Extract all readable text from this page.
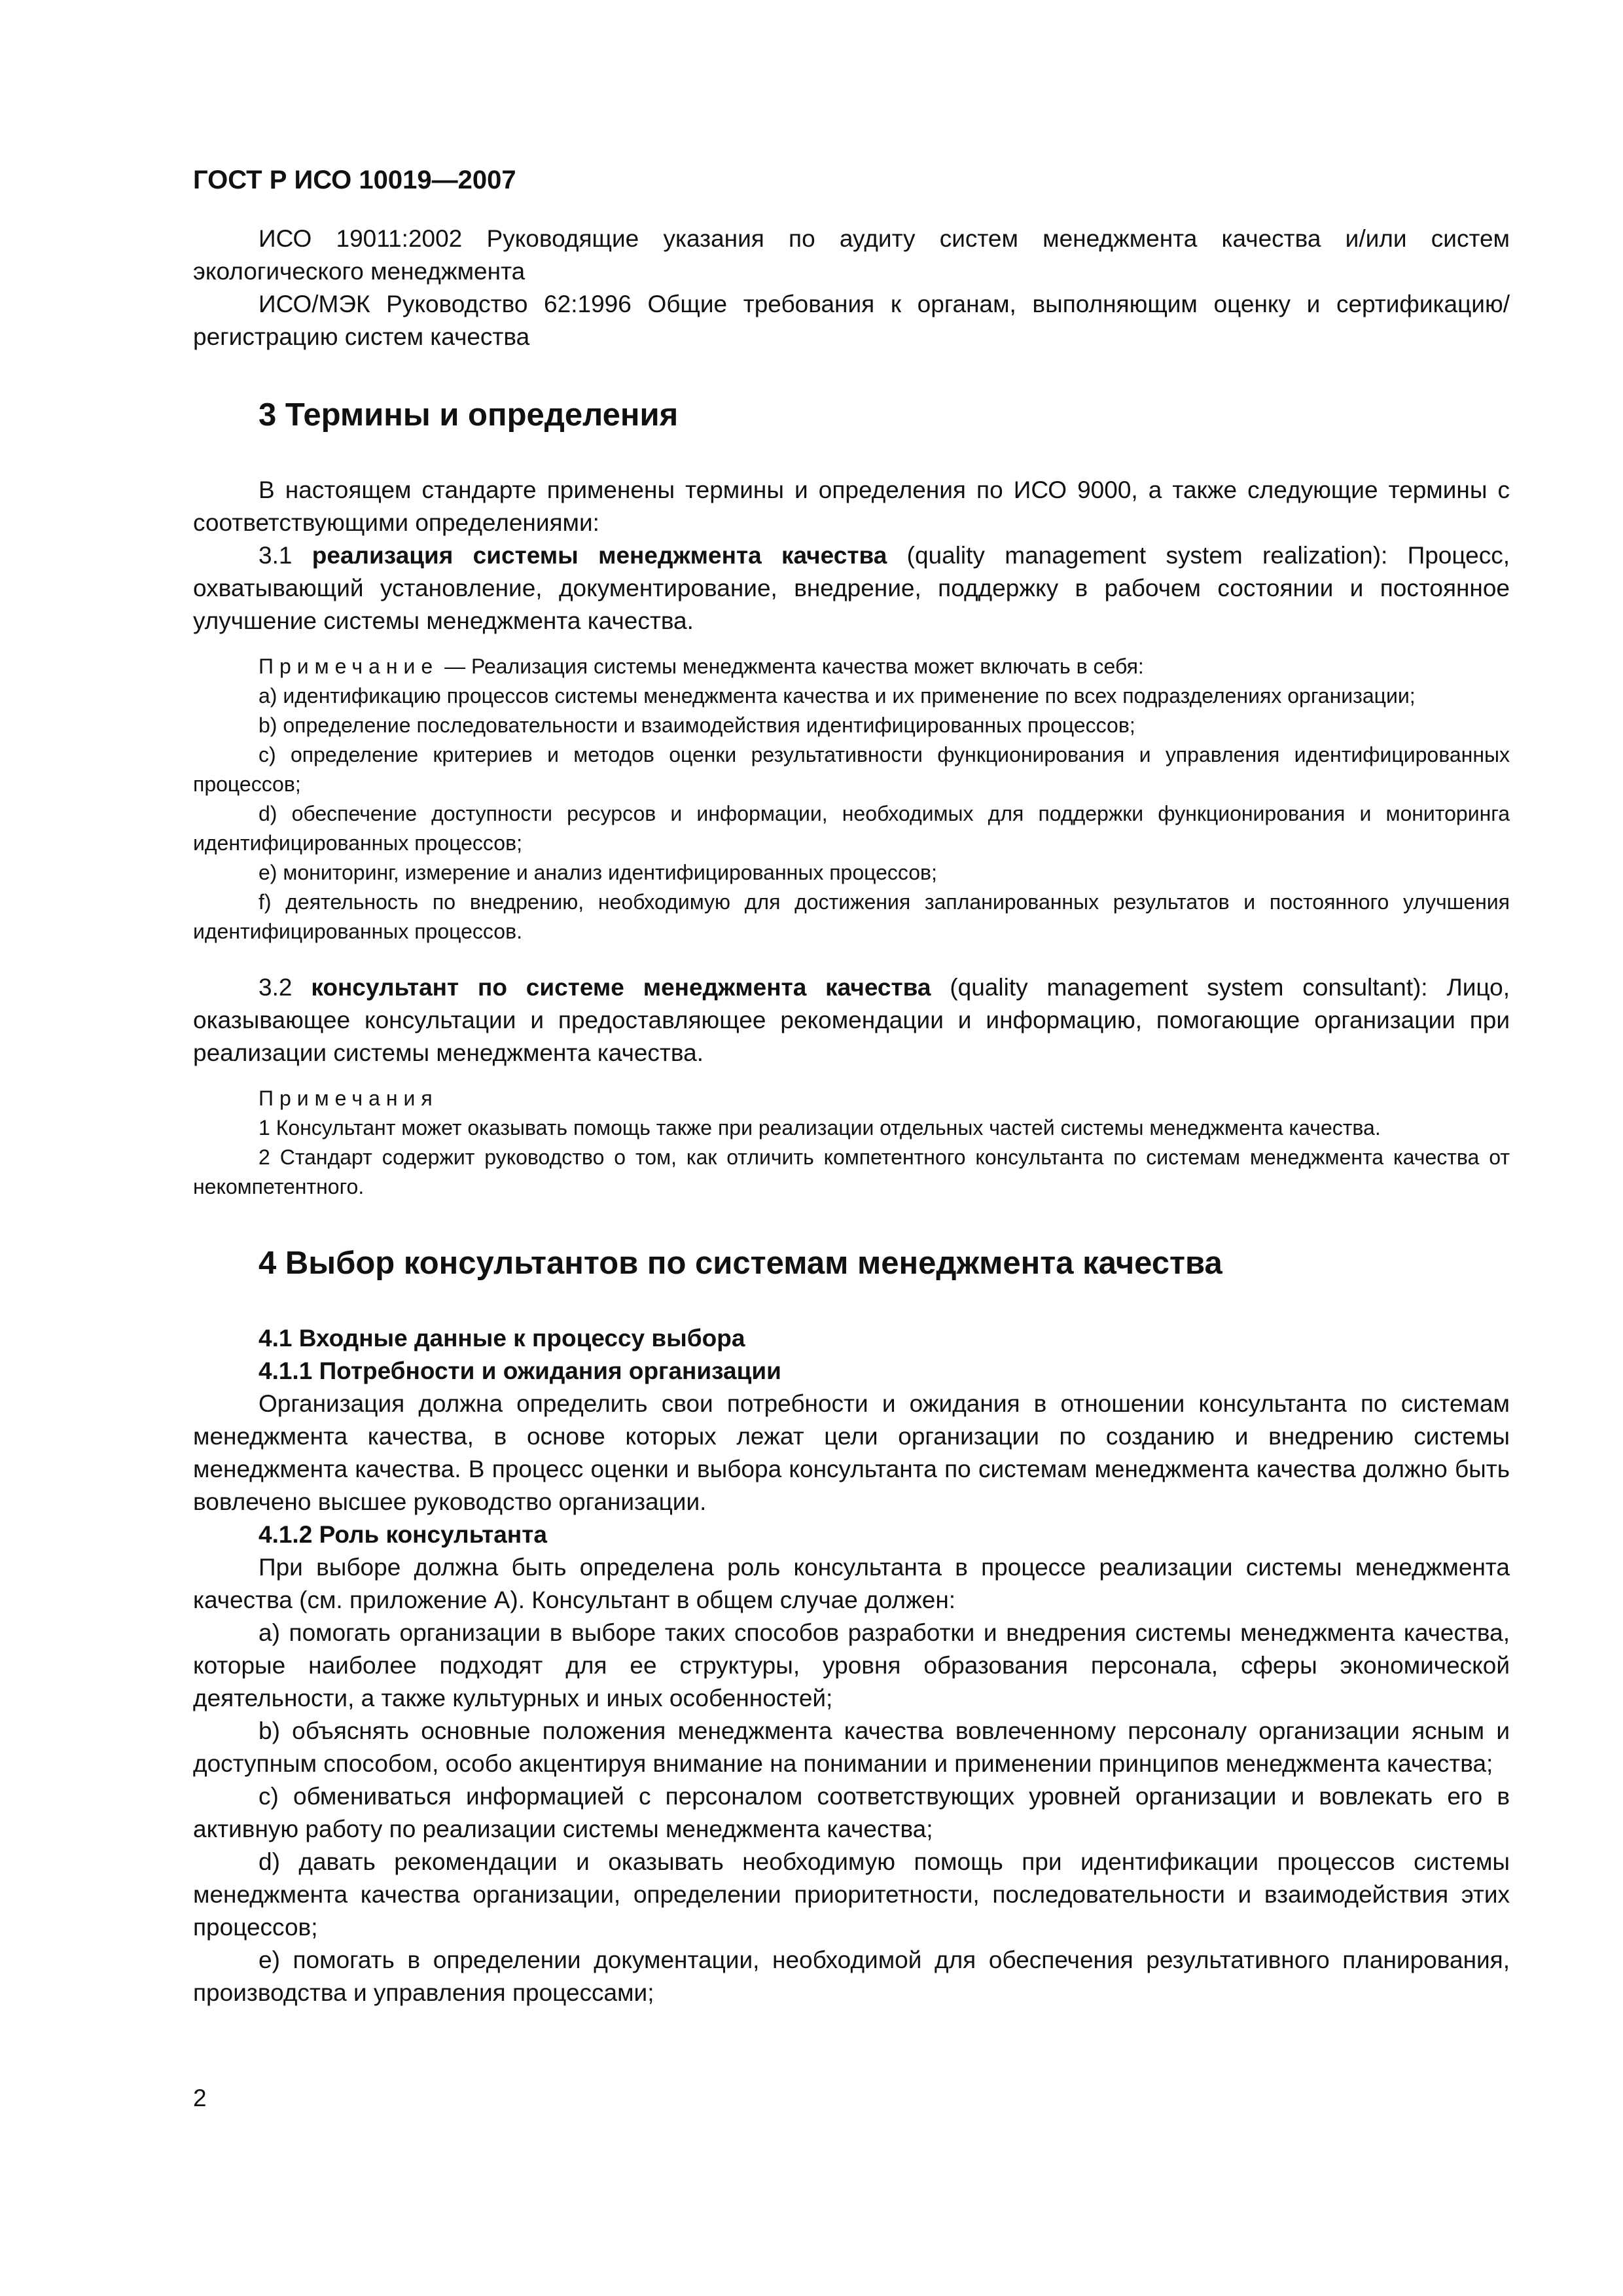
ГОСТ Р ИСО 10019—2007

ИСО 19011:2002 Руководящие указания по аудиту систем менеджмента качества и/или систем экологического менеджмента

ИСО/МЭК Руководство 62:1996 Общие требования к органам, выполняющим оценку и сертификацию/регистрацию систем качества

3 Термины и определения

В настоящем стандарте применены термины и определения по ИСО 9000, а также следующие термины с соответствующими определениями:

3.1 реализация системы менеджмента качества (quality management system realization): Процесс, охватывающий установление, документирование, внедрение, поддержку в рабочем состоянии и постоянное улучшение системы менеджмента качества.

Примечание — Реализация системы менеджмента качества может включать в себя:

a) идентификацию процессов системы менеджмента качества и их применение по всех подразделениях организации;

b) определение последовательности и взаимодействия идентифицированных процессов;

c) определение критериев и методов оценки результативности функционирования и управления идентифицированных процессов;

d) обеспечение доступности ресурсов и информации, необходимых для поддержки функционирования и мониторинга идентифицированных процессов;

e) мониторинг, измерение и анализ идентифицированных процессов;

f) деятельность по внедрению, необходимую для достижения запланированных результатов и постоянного улучшения идентифицированных процессов.

3.2 консультант по системе менеджмента качества (quality management system consultant): Лицо, оказывающее консультации и предоставляющее рекомендации и информацию, помогающие организации при реализации системы менеджмента качества.

Примечания

1 Консультант может оказывать помощь также при реализации отдельных частей системы менеджмента качества.

2 Стандарт содержит руководство о том, как отличить компетентного консультанта по системам менеджмента качества от некомпетентного.

4 Выбор консультантов по системам менеджмента качества
4.1 Входные данные к процессу выбора
4.1.1 Потребности и ожидания организации

Организация должна определить свои потребности и ожидания в отношении консультанта по системам менеджмента качества, в основе которых лежат цели организации по созданию и внедрению системы менеджмента качества. В процесс оценки и выбора консультанта по системам менеджмента качества должно быть вовлечено высшее руководство организации.

4.1.2 Роль консультанта

При выборе должна быть определена роль консультанта в процессе реализации системы менеджмента качества (см. приложение А). Консультант в общем случае должен:

a) помогать организации в выборе таких способов разработки и внедрения системы менеджмента качества, которые наиболее подходят для ее структуры, уровня образования персонала, сферы экономической деятельности, а также культурных и иных особенностей;

b) объяснять основные положения менеджмента качества вовлеченному персоналу организации ясным и доступным способом, особо акцентируя внимание на понимании и применении принципов менеджмента качества;

c) обмениваться информацией с персоналом соответствующих уровней организации и вовлекать его в активную работу по реализации системы менеджмента качества;

d) давать рекомендации и оказывать необходимую помощь при идентификации процессов системы менеджмента качества организации, определении приоритетности, последовательности и взаимодействия этих процессов;

e) помогать в определении документации, необходимой для обеспечения результативного планирования, производства и управления процессами;

2
